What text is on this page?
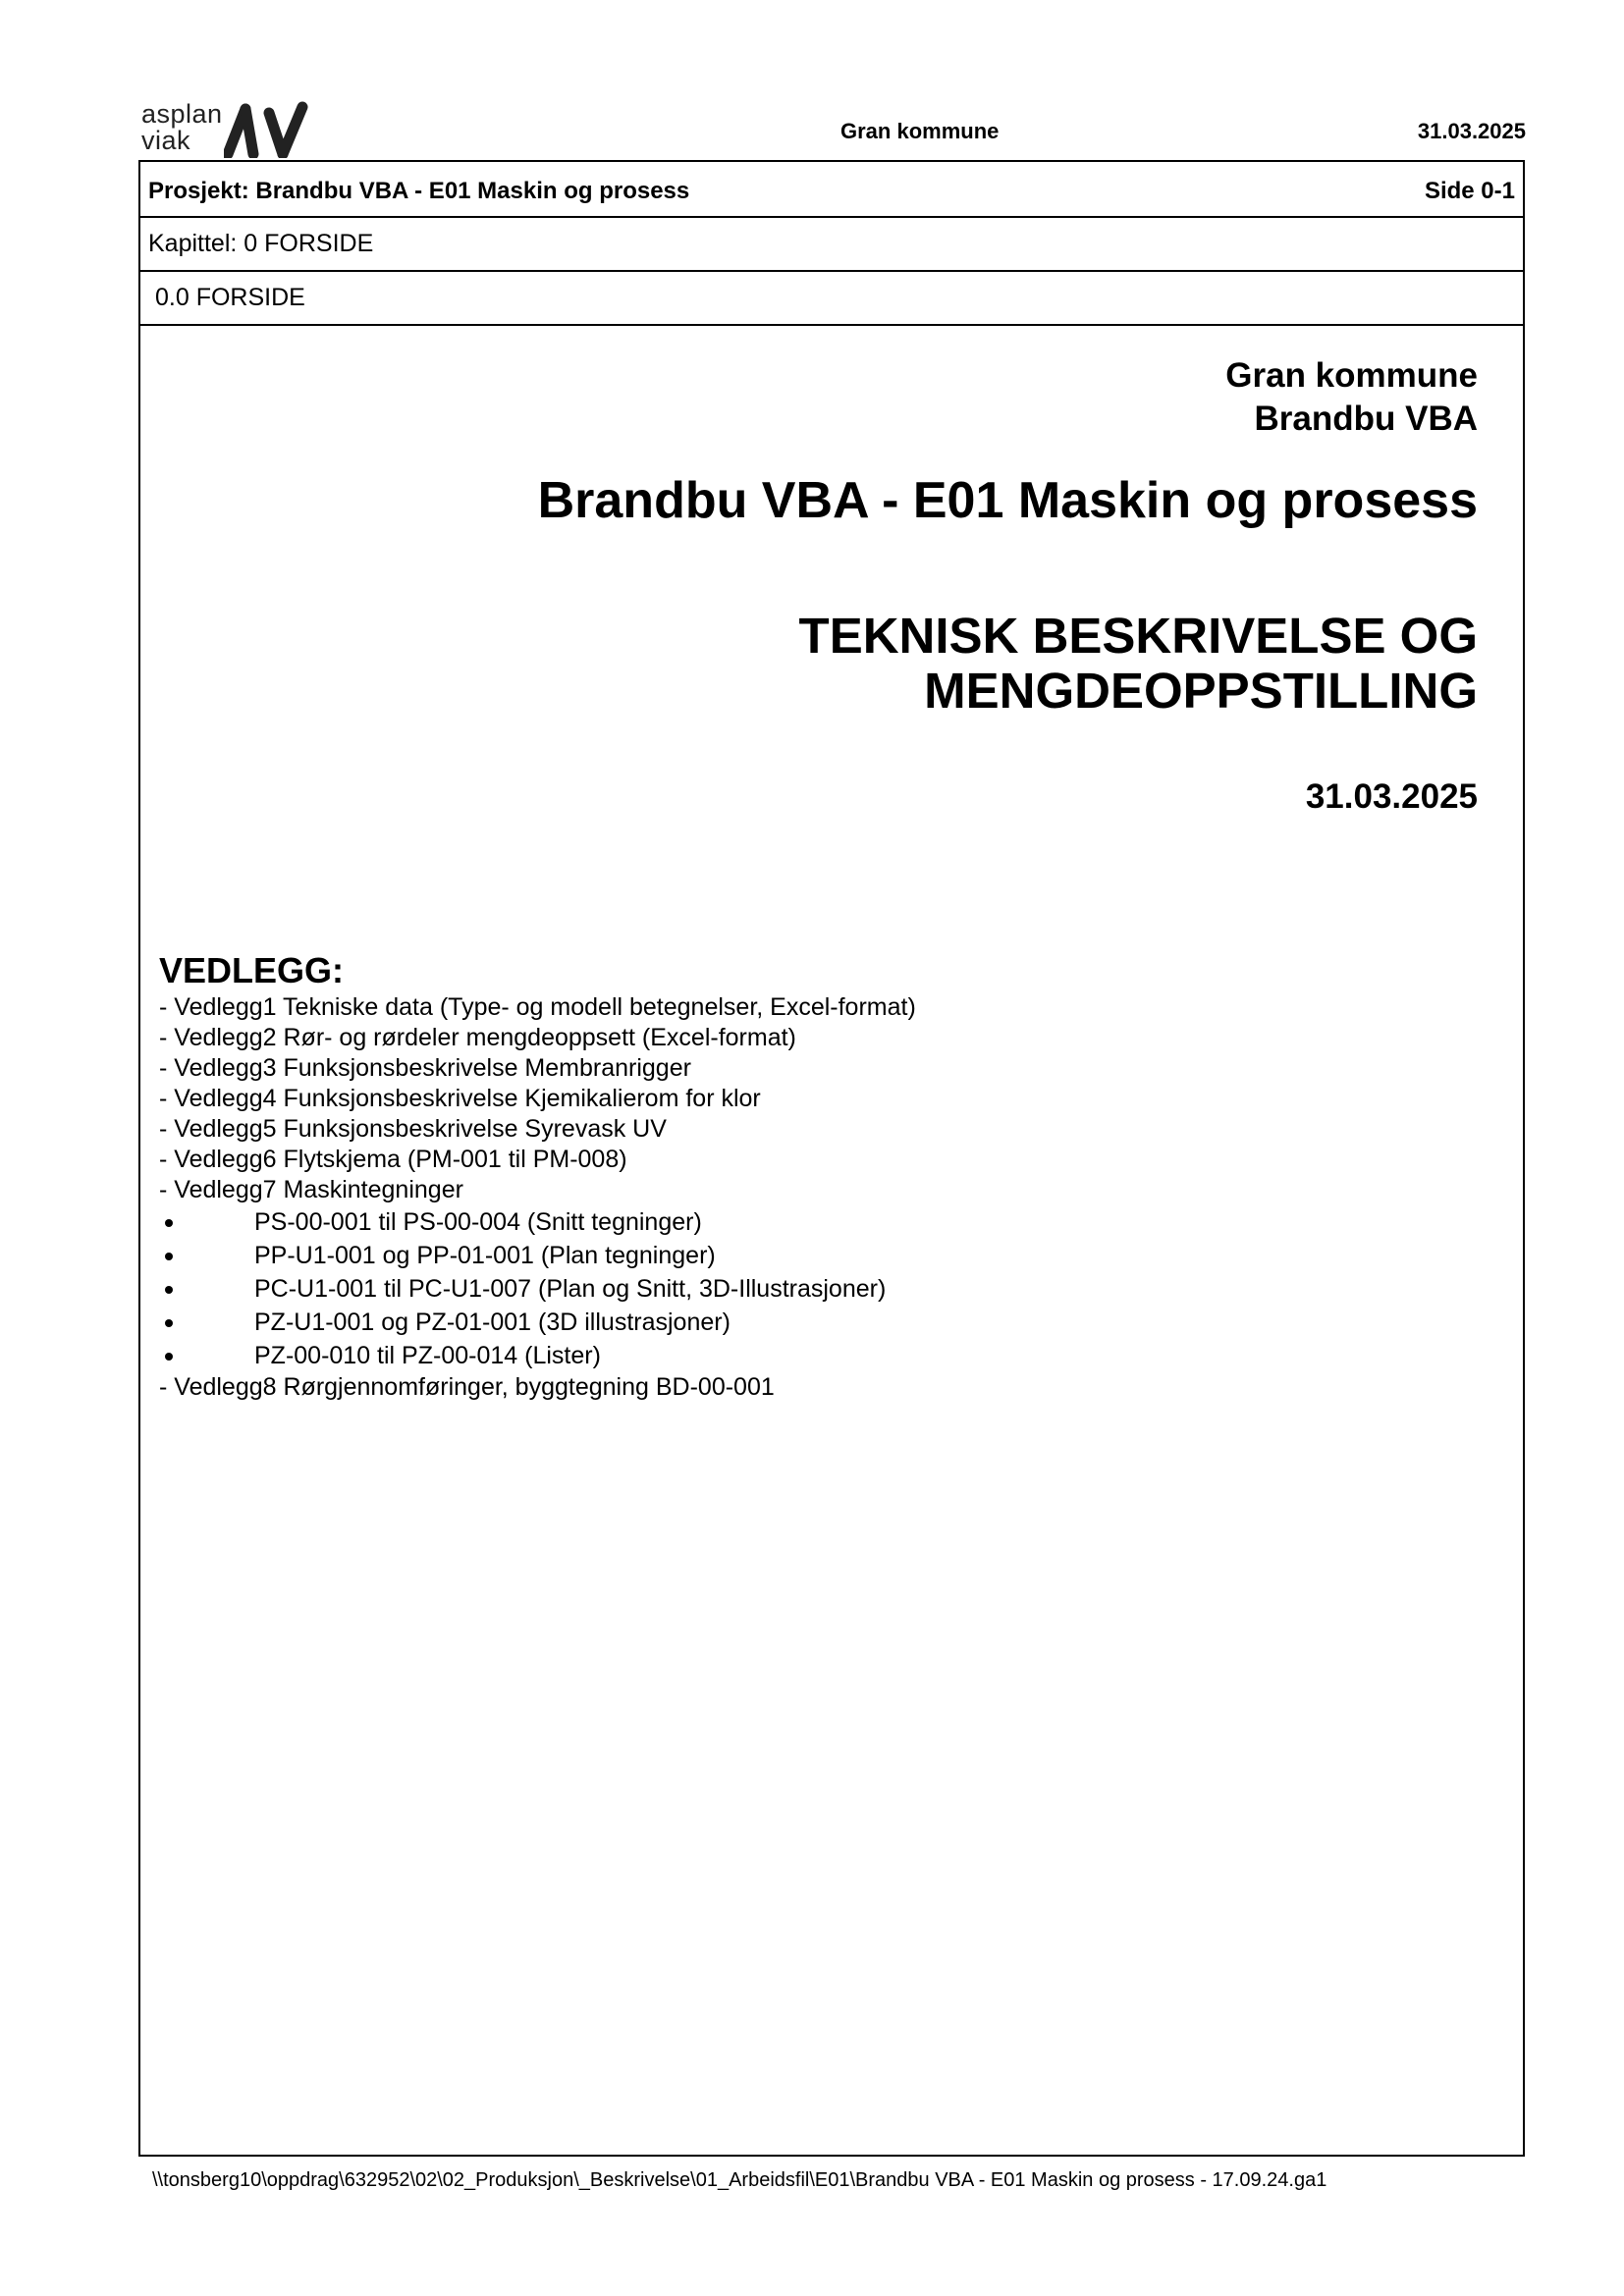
asplan
viak	Gran kommune	31.03.2025
Prosjekt: Brandbu VBA - E01 Maskin og prosess	Side 0-1
Kapittel: 0 FORSIDE
0.0 FORSIDE
Gran kommune
Brandbu VBA
Brandbu VBA - E01 Maskin og prosess
TEKNISK BESKRIVELSE OG
MENGDEOPPSTILLING
31.03.2025
VEDLEGG:
- Vedlegg1 Tekniske data (Type- og modell betegnelser, Excel-format)
- Vedlegg2 Rør- og rørdeler mengdeoppsett (Excel-format)
- Vedlegg3 Funksjonsbeskrivelse Membranrigger
- Vedlegg4 Funksjonsbeskrivelse Kjemikalierom for klor
- Vedlegg5 Funksjonsbeskrivelse Syrevask UV
- Vedlegg6 Flytskjema (PM-001 til PM-008)
- Vedlegg7 Maskintegninger
PS-00-001 til PS-00-004 (Snitt tegninger)
PP-U1-001 og PP-01-001 (Plan tegninger)
PC-U1-001 til PC-U1-007 (Plan og Snitt, 3D-Illustrasjoner)
PZ-U1-001 og PZ-01-001 (3D illustrasjoner)
PZ-00-010 til PZ-00-014 (Lister)
- Vedlegg8 Rørgjennomføringer, byggtegning BD-00-001
\\tonsberg10\oppdrag\632952\02\02_Produksjon\_Beskrivelse\01_Arbeidsfil\E01\Brandbu VBA - E01 Maskin og prosess - 17.09.24.ga1
